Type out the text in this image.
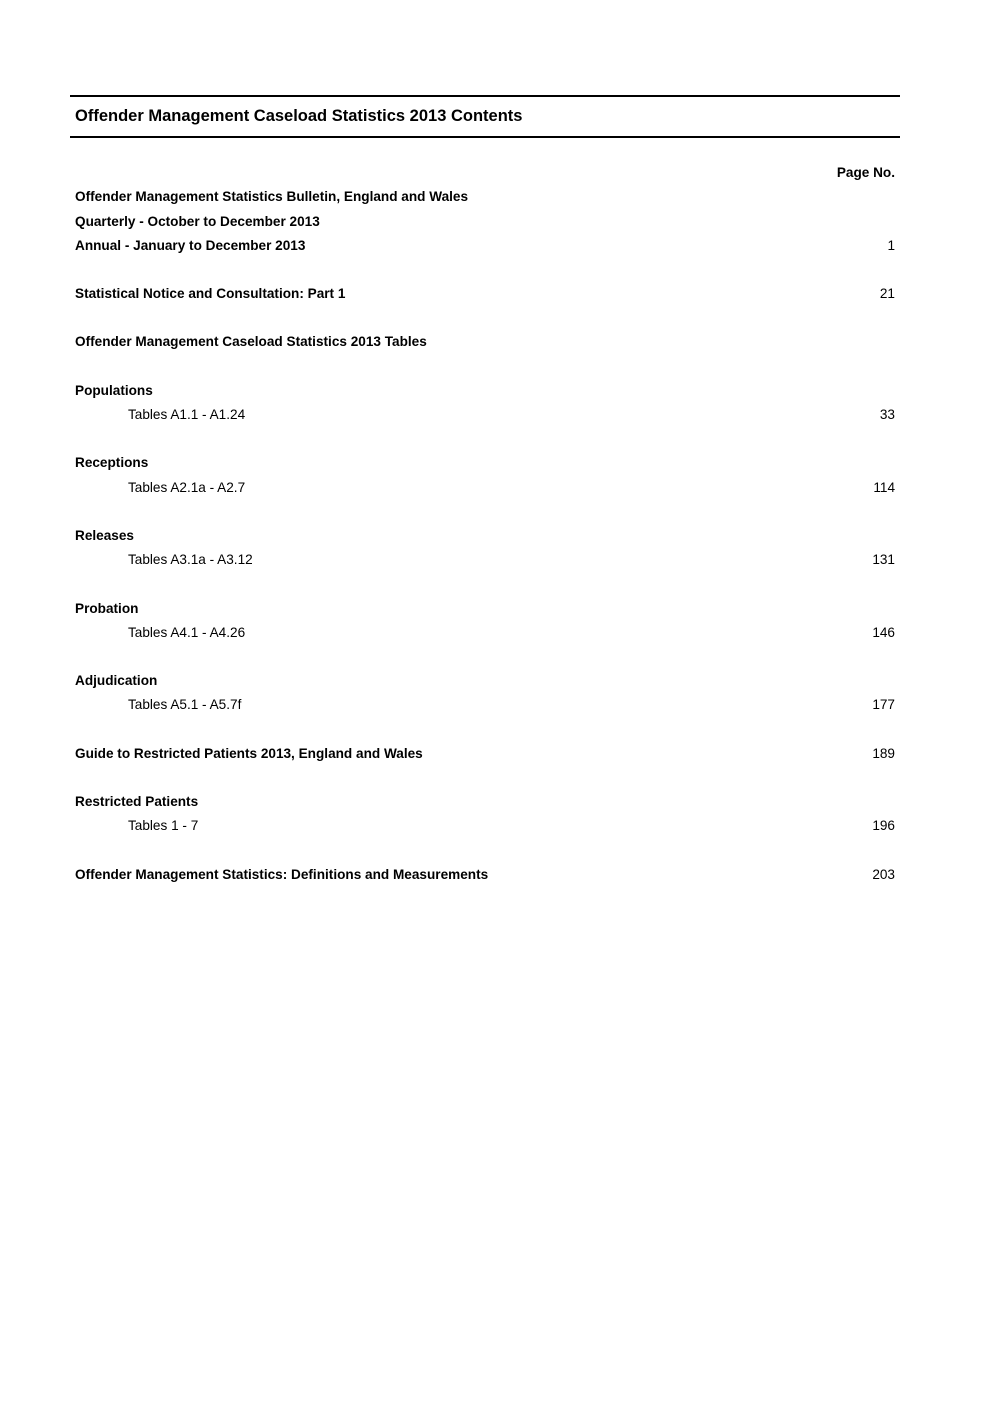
Offender Management Caseload Statistics 2013 Contents
Page No.
Offender Management Statistics Bulletin, England and Wales
Quarterly - October to December 2013
Annual - January to December 2013	1
Statistical Notice and Consultation: Part 1	21
Offender Management Caseload Statistics 2013 Tables
Populations
Tables A1.1 - A1.24	33
Receptions
Tables A2.1a - A2.7	114
Releases
Tables A3.1a - A3.12	131
Probation
Tables A4.1 - A4.26	146
Adjudication
Tables A5.1 - A5.7f	177
Guide to Restricted Patients 2013, England and Wales	189
Restricted Patients
Tables 1 - 7	196
Offender Management Statistics: Definitions and Measurements	203
